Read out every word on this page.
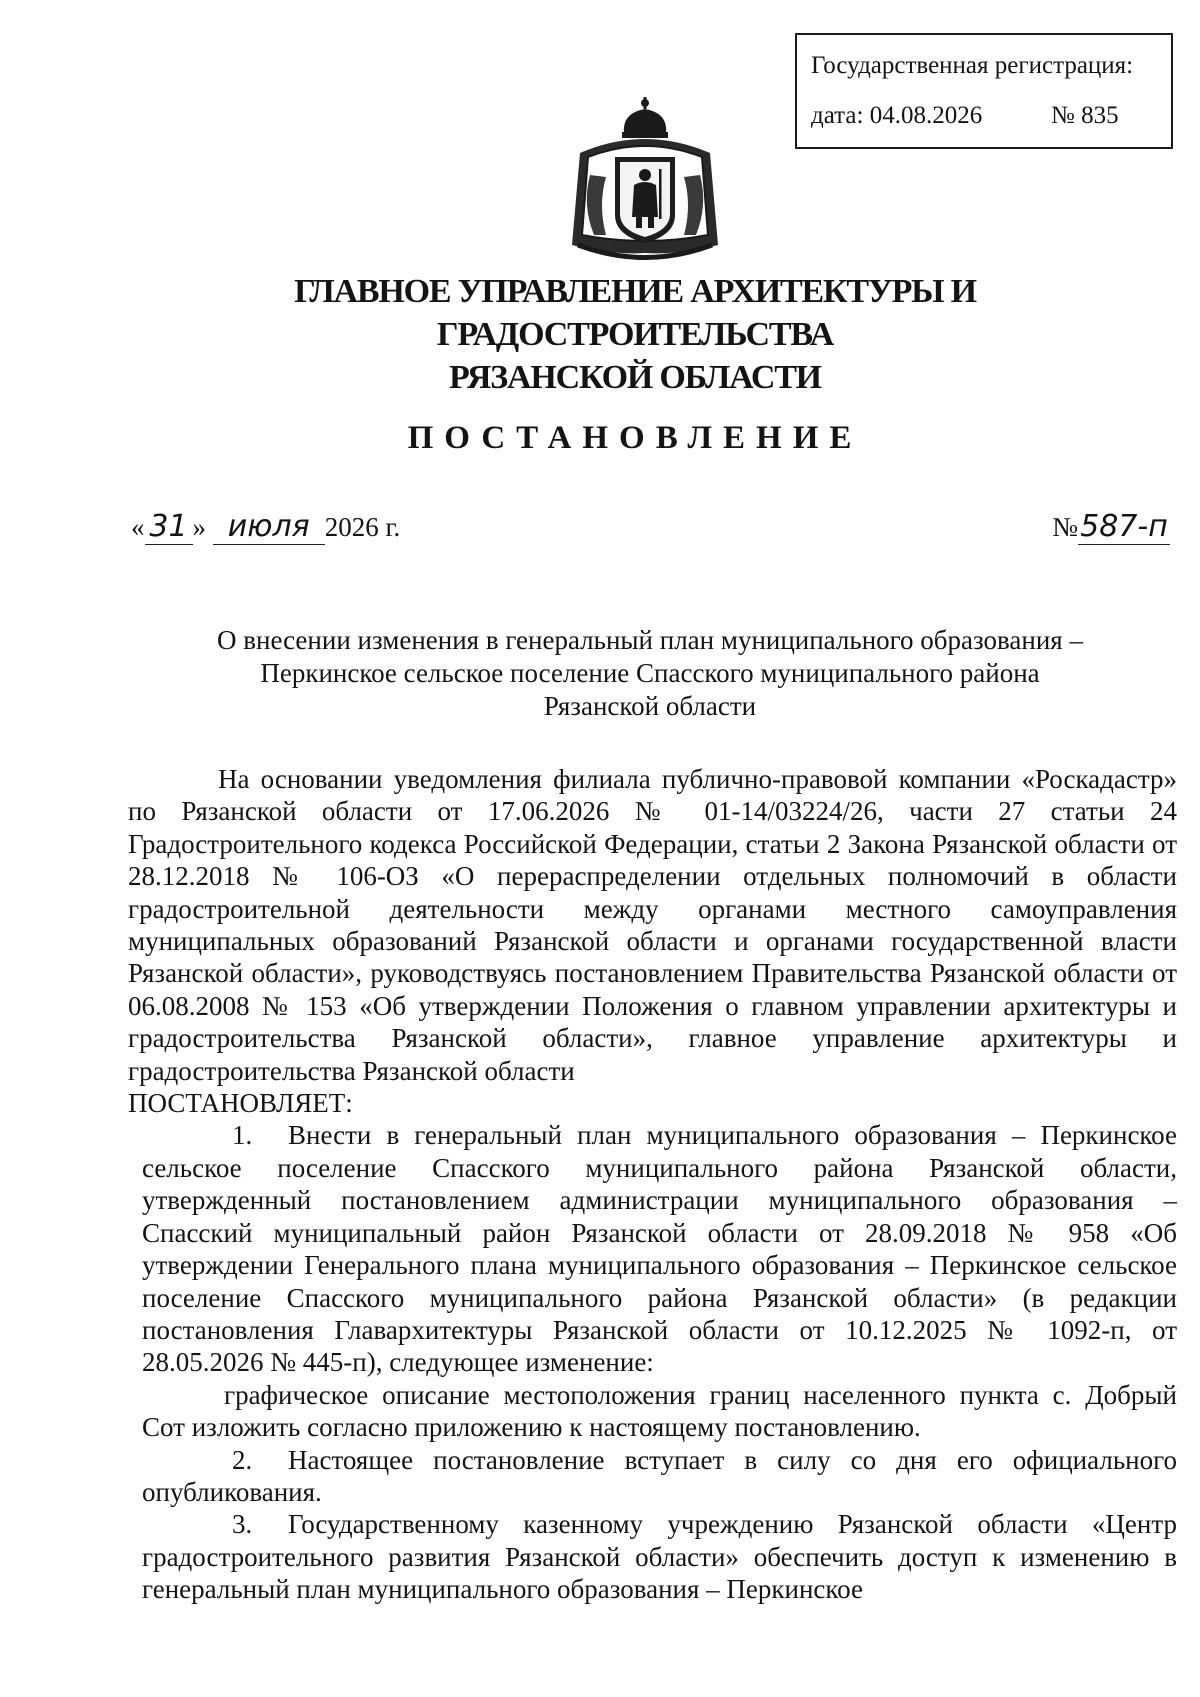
Государственная регистрация:
дата: 04.08.2026	№ 835
ГЛАВНОЕ УПРАВЛЕНИЕ АРХИТЕКТУРЫ И ГРАДОСТРОИТЕЛЬСТВА
РЯЗАНСКОЙ ОБЛАСТИ
ПОСТАНОВЛЕНИЕ
« 31 » июля 2026 г.	№587-п
О внесении изменения в генеральный план муниципального образования –
Перкинское сельское поселение Спасского муниципального района
Рязанской области

На основании уведомления филиала публично-правовой компании «Роскадастр» по Рязанской области от 17.06.2026 № 01-14/03224/26, части 27 статьи 24 Градостроительного кодекса Российской Федерации, статьи 2 Закона Рязанской области от 28.12.2018 № 106-ОЗ «О перераспределении отдельных полномочий в области градостроительной деятельности между органами местного самоуправления муниципальных образований Рязанской области и органами государственной власти Рязанской области», руководствуясь постановлением Правительства Рязанской области от 06.08.2008 № 153 «Об утверждении Положения о главном управлении архитектуры и градостроительства Рязанской области», главное управление архитектуры и градостроительства Рязанской области

ПОСТАНОВЛЯЕТ:

1. Внести в генеральный план муниципального образования – Перкинское сельское поселение Спасского муниципального района Рязанской области, утвержденный постановлением администрации муниципального образования – Спасский муниципальный район Рязанской области от 28.09.2018 № 958 «Об утверждении Генерального плана муниципального образования – Перкинское сельское поселение Спасского муниципального района Рязанской области» (в редакции постановления Главархитектуры Рязанской области от 10.12.2025 № 1092-п, от 28.05.2026 № 445-п), следующее изменение:

графическое описание местоположения границ населенного пункта с. Добрый Сот изложить согласно приложению к настоящему постановлению.

2. Настоящее постановление вступает в силу со дня его официального опубликования.

3. Государственному казенному учреждению Рязанской области «Центр градостроительного развития Рязанской области» обеспечить доступ к изменению в генеральный план муниципального образования – Перкинское
